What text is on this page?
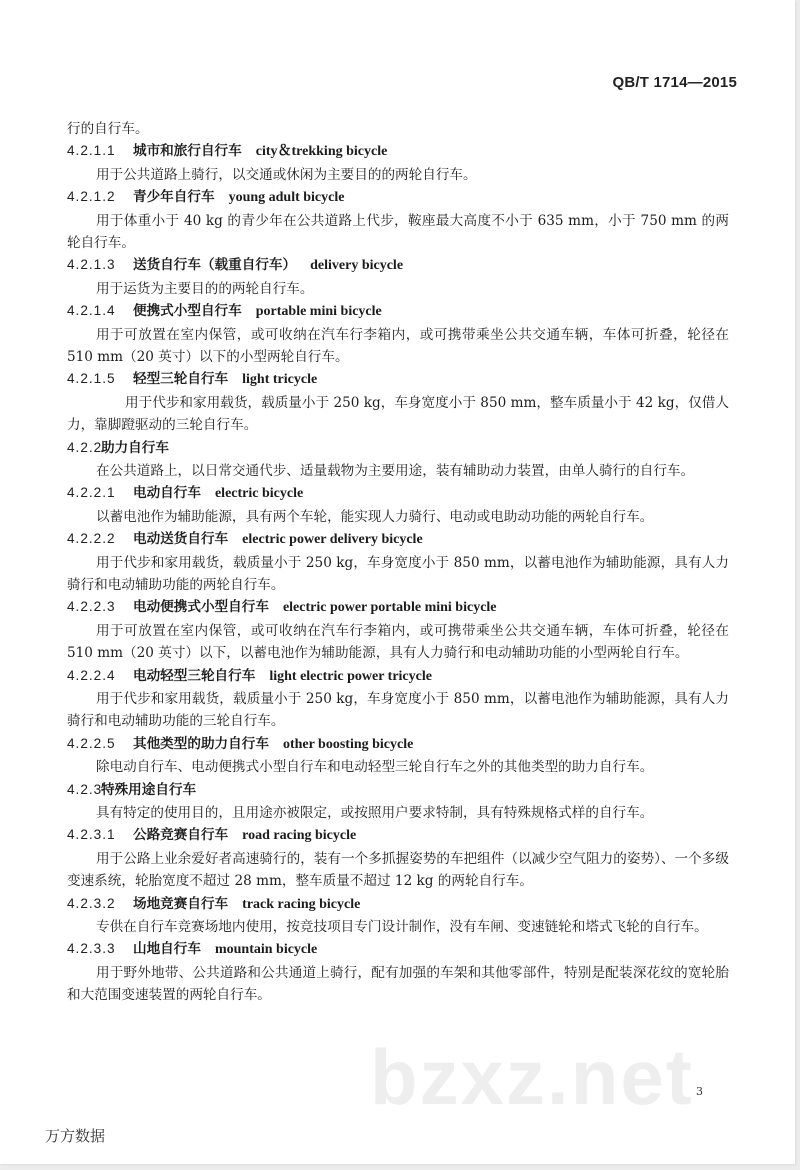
QB/T 1714—2015
行的自行车。
4.2.1.1 城市和旅行自行车 city＆trekking bicycle
用于公共道路上骑行，以交通或休闲为主要目的的两轮自行车。
4.2.1.2 青少年自行车 young adult bicycle
用于体重小于 40 kg 的青少年在公共道路上代步，鞍座最大高度不小于 635 mm，小于 750 mm 的两轮自行车。
4.2.1.3 送货自行车（载重自行车） delivery bicycle
用于运货为主要目的的两轮自行车。
4.2.1.4 便携式小型自行车 portable mini bicycle
用于可放置在室内保管，或可收纳在汽车行李箱内，或可携带乘坐公共交通车辆，车体可折叠，轮径在 510 mm（20 英寸）以下的小型两轮自行车。
4.2.1.5 轻型三轮自行车 light tricycle
用于代步和家用载货，载质量小于 250 kg，车身宽度小于 850 mm，整车质量小于 42 kg，仅借人力，靠脚蹬驱动的三轮自行车。
4.2.2助力自行车
在公共道路上，以日常交通代步、适量载物为主要用途，装有辅助动力装置，由单人骑行的自行车。
4.2.2.1 电动自行车 electric bicycle
以蓄电池作为辅助能源，具有两个车轮，能实现人力骑行、电动或电助动功能的两轮自行车。
4.2.2.2 电动送货自行车 electric power delivery bicycle
用于代步和家用载货，载质量小于 250 kg，车身宽度小于 850 mm，以蓄电池作为辅助能源，具有人力骑行和电动辅助功能的两轮自行车。
4.2.2.3 电动便携式小型自行车 electric power portable mini bicycle
用于可放置在室内保管，或可收纳在汽车行李箱内，或可携带乘坐公共交通车辆，车体可折叠，轮径在 510 mm（20 英寸）以下，以蓄电池作为辅助能源，具有人力骑行和电动辅助功能的小型两轮自行车。
4.2.2.4 电动轻型三轮自行车 light electric power tricycle
用于代步和家用载货，载质量小于 250 kg，车身宽度小于 850 mm，以蓄电池作为辅助能源，具有人力骑行和电动辅助功能的三轮自行车。
4.2.2.5 其他类型的助力自行车 other boosting bicycle
除电动自行车、电动便携式小型自行车和电动轻型三轮自行车之外的其他类型的助力自行车。
4.2.3特殊用途自行车
具有特定的使用目的，且用途亦被限定，或按照用户要求特制，具有特殊规格式样的自行车。
4.2.3.1 公路竞赛自行车 road racing bicycle
用于公路上业余爱好者高速骑行的，装有一个多抓握姿势的车把组件（以减少空气阻力的姿势）、一个多级变速系统，轮胎宽度不超过 28 mm，整车质量不超过 12 kg 的两轮自行车。
4.2.3.2 场地竞赛自行车 track racing bicycle
专供在自行车竞赛场地内使用，按竞技项目专门设计制作，没有车闸、变速链轮和塔式飞轮的自行车。
4.2.3.3 山地自行车 mountain bicycle
用于野外地带、公共道路和公共通道上骑行，配有加强的车架和其他零部件，特别是配装深花纹的宽轮胎和大范围变速装置的两轮自行车。
bzxz.net 3
万方数据
